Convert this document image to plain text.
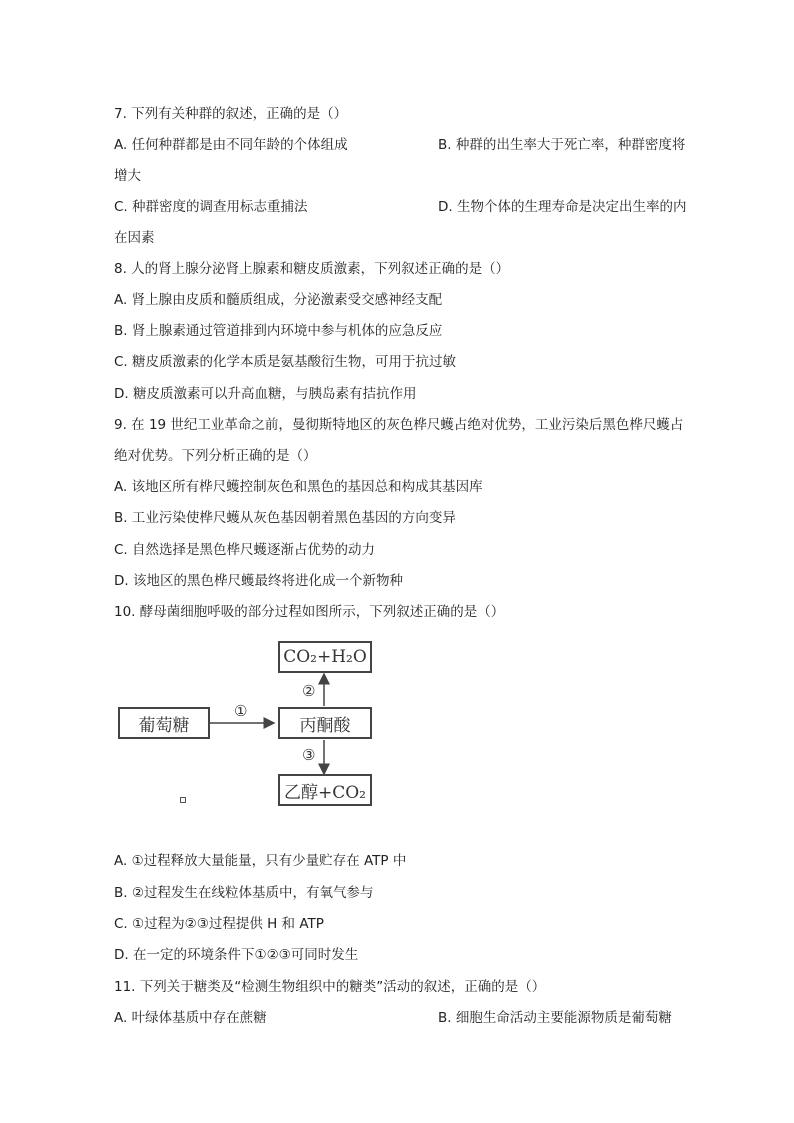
7. 下列有关种群的叙述，正确的是（）
A. 任何种群都是由不同年龄的个体组成	B. 种群的出生率大于死亡率，种群密度将
增大
C. 种群密度的调查用标志重捕法	D. 生物个体的生理寿命是决定出生率的内
在因素
8. 人的肾上腺分泌肾上腺素和糖皮质激素，下列叙述正确的是（）
A. 肾上腺由皮质和髓质组成，分泌激素受交感神经支配
B. 肾上腺素通过管道排到内环境中参与机体的应急反应
C. 糖皮质激素的化学本质是氨基酸衍生物，可用于抗过敏
D. 糖皮质激素可以升高血糖，与胰岛素有拮抗作用
9. 在 19 世纪工业革命之前，曼彻斯特地区的灰色桦尺蠖占绝对优势，工业污染后黑色桦尺蠖占
绝对优势。下列分析正确的是（）
A. 该地区所有桦尺蠖控制灰色和黑色的基因总和构成其基因库
B. 工业污染使桦尺蠖从灰色基因朝着黑色基因的方向变异
C. 自然选择是黑色桦尺蠖逐渐占优势的动力
D. 该地区的黑色桦尺蠖最终将进化成一个新物种
10. 酵母菌细胞呼吸的部分过程如图所示，下列叙述正确的是（）
CO₂+H₂O
葡萄糖	丙酮酸
乙醇+CO₂
①
②
③
A. ①过程释放大量能量，只有少量贮存在 ATP 中
B. ②过程发生在线粒体基质中，有氧气参与
C. ①过程为②③过程提供 H 和 ATP
D. 在一定的环境条件下①②③可同时发生
11. 下列关于糖类及“检测生物组织中的糖类”活动的叙述，正确的是（）
A. 叶绿体基质中存在蔗糖	B. 细胞生命活动主要能源物质是葡萄糖
